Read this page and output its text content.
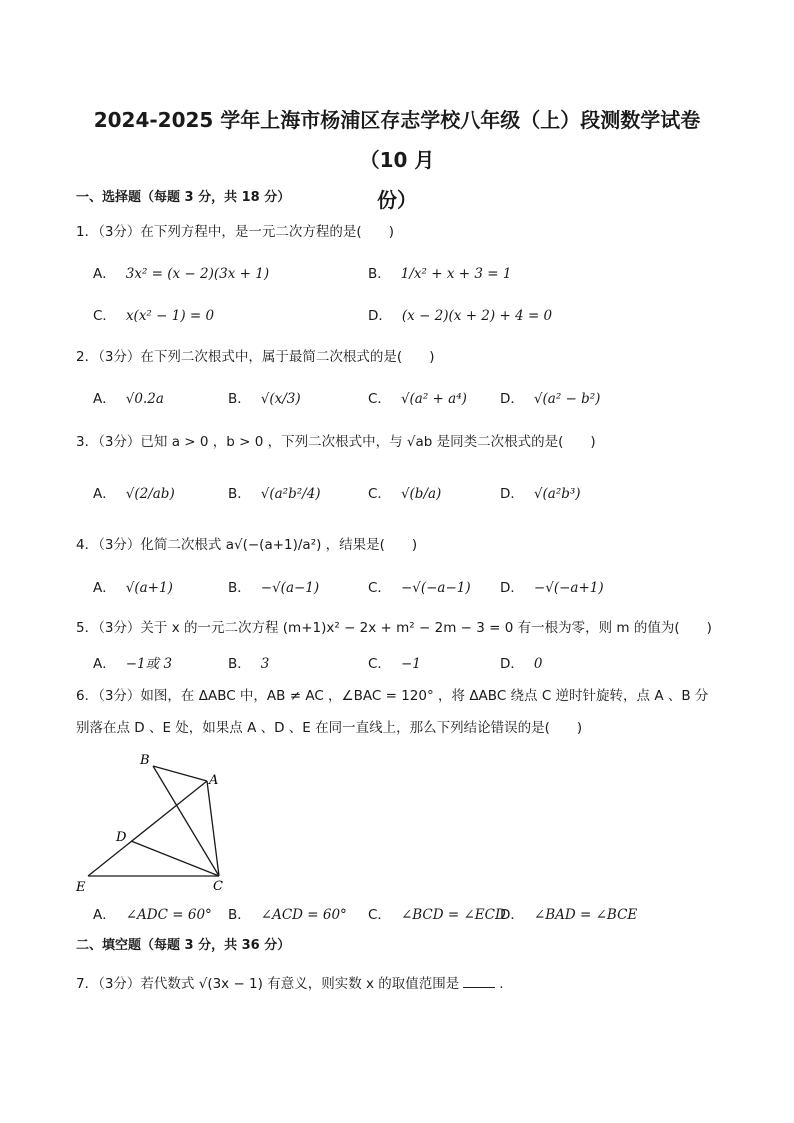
2024-2025 学年上海市杨浦区存志学校八年级（上）段测数学试卷（10 月
份）
一、选择题（每题 3 分，共 18 分）
1．（3分）在下列方程中，是一元二次方程的是(　　)
A． 3x² = (x − 2)(3x + 1)	B． 1/x² + x + 3 = 1
C． x(x² − 1) = 0	D． (x − 2)(x + 2) + 4 = 0
2．（3分）在下列二次根式中，属于最简二次根式的是(　　)
A． √0.2a	B． √(x/3)	C． √(a² + a⁴) D． √(a² − b²)
3．（3分）已知 a > 0 ，b > 0 ，下列二次根式中，与 √ab 是同类二次根式的是(　　)
A． √(2/ab)	B． √(a²b²/4)	C． √(b/a)	D． √(a²b³)
4．（3分）化简二次根式 a√(−(a+1)/a²) ，结果是(　　)
A． √(a+1)	B． −√(a−1)	C． −√(−a−1) D． −√(−a+1)
5．（3分）关于 x 的一元二次方程 (m+1)x² − 2x + m² − 2m − 3 = 0 有一根为零，则 m 的值为(　　)
A． −1或 3	B． 3	C． −1	D． 0
6．（3分）如图，在 ΔABC 中，AB ≠ AC ，∠BAC = 120° ，将 ΔABC 绕点 C 逆时针旋转，点 A 、B 分别落在点 D 、E 处，如果点 A 、D 、E 在同一直线上，那么下列结论错误的是(　　)
B
A
D
E	C
A． ∠ADC = 60° B． ∠ACD = 60° C． ∠BCD = ∠ECD
D． ∠BAD = ∠BCE
二、填空题（每题 3 分，共 36 分）
7．（3分）若代数式 √(3x − 1) 有意义，则实数 x 的取值范围是	.
